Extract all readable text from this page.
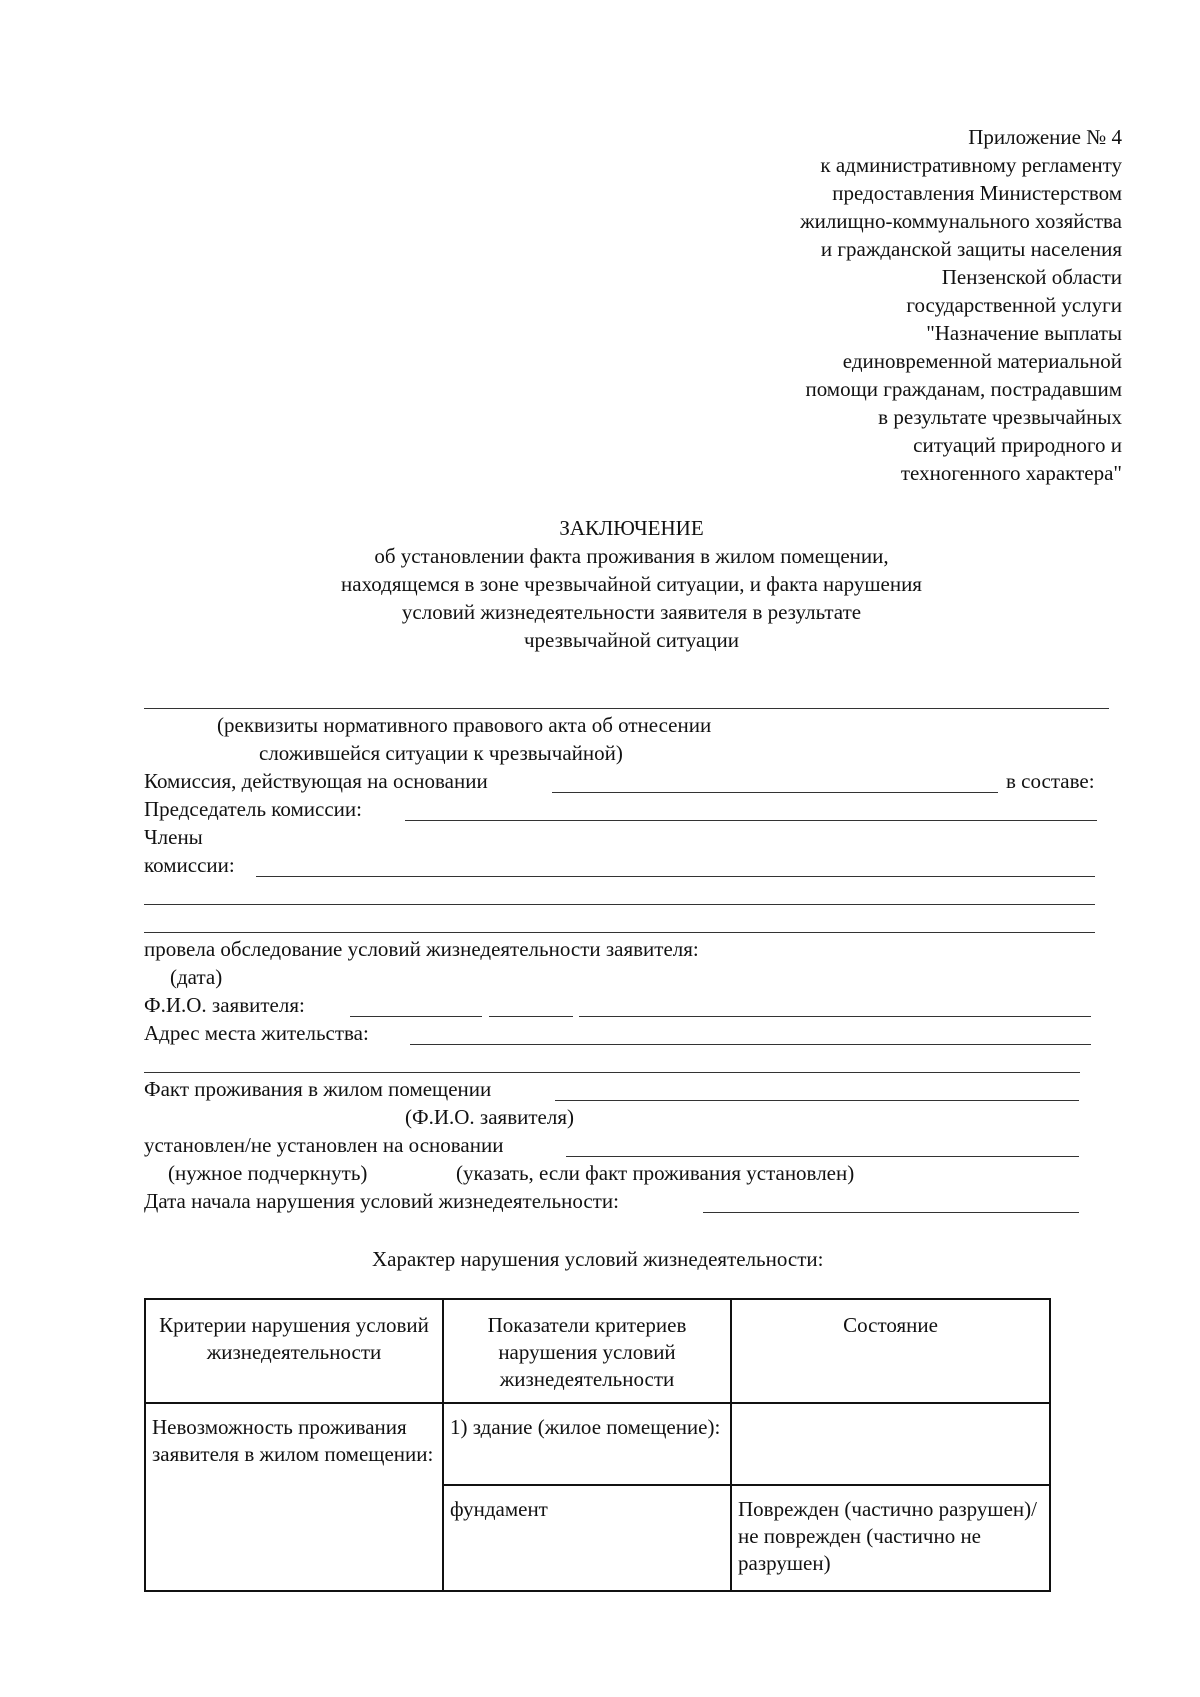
Приложение № 4
к административному регламенту
предоставления Министерством
жилищно-коммунального хозяйства
и гражданской защиты населения
Пензенской области
государственной услуги
"Назначение выплаты
единовременной материальной
помощи гражданам, пострадавшим
в результате чрезвычайных
ситуаций природного и
техногенного характера"
ЗАКЛЮЧЕНИЕ
об установлении факта проживания в жилом помещении,
находящемся в зоне чрезвычайной ситуации, и факта нарушения
условий жизнедеятельности заявителя в результате
чрезвычайной ситуации
(реквизиты нормативного правового акта об отнесении
сложившейся ситуации к чрезвычайной)
Комиссия, действующая на основании	в составе:
Председатель комиссии:
Члены
комиссии:
провела обследование условий жизнедеятельности заявителя:
(дата)
Ф.И.О. заявителя:
Адрес места жительства:
Факт проживания в жилом помещении
(Ф.И.О. заявителя)
установлен/не установлен на основании
(нужное подчеркнуть)	(указать, если факт проживания установлен)
Дата начала нарушения условий жизнедеятельности:
Характер нарушения условий жизнедеятельности:
Критерии нарушения условий жизнедеятельности	Показатели критериев нарушения условий жизнедеятельности	Состояние
Невозможность проживания заявителя в жилом помещении:	1) здание (жилое помещение):	
	фундамент	Поврежден (частично разрушен)/не поврежден (частично не разрушен)
